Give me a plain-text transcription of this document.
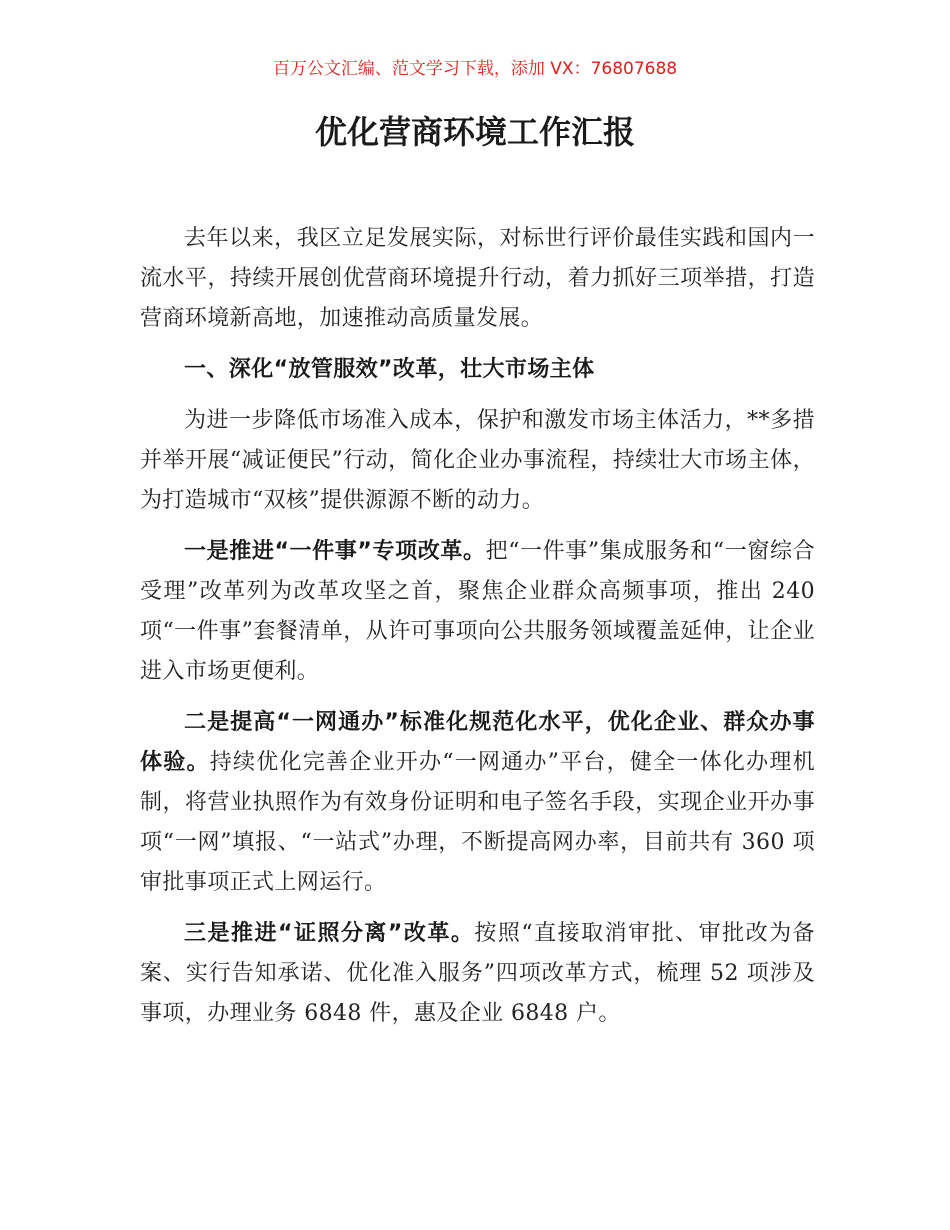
百万公文汇编、范文学习下载，添加 VX：76807688
优化营商环境工作汇报

去年以来，我区立足发展实际，对标世行评价最佳实践和国内一流水平，持续开展创优营商环境提升行动，着力抓好三项举措，打造营商环境新高地，加速推动高质量发展。

一、深化“放管服效”改革，壮大市场主体

为进一步降低市场准入成本，保护和激发市场主体活力，**多措并举开展“减证便民”行动，简化企业办事流程，持续壮大市场主体，为打造城市“双核”提供源源不断的动力。

一是推进“一件事”专项改革。把“一件事”集成服务和“一窗综合受理”改革列为改革攻坚之首，聚焦企业群众高频事项，推出 240 项“一件事”套餐清单，从许可事项向公共服务领域覆盖延伸，让企业进入市场更便利。

二是提高“一网通办”标准化规范化水平，优化企业、群众办事体验。持续优化完善企业开办“一网通办”平台，健全一体化办理机制，将营业执照作为有效身份证明和电子签名手段，实现企业开办事项“一网”填报、“一站式”办理，不断提高网办率，目前共有 360 项审批事项正式上网运行。

三是推进“证照分离”改革。按照“直接取消审批、审批改为备案、实行告知承诺、优化准入服务”四项改革方式，梳理 52 项涉及事项，办理业务 6848 件，惠及企业 6848 户。
